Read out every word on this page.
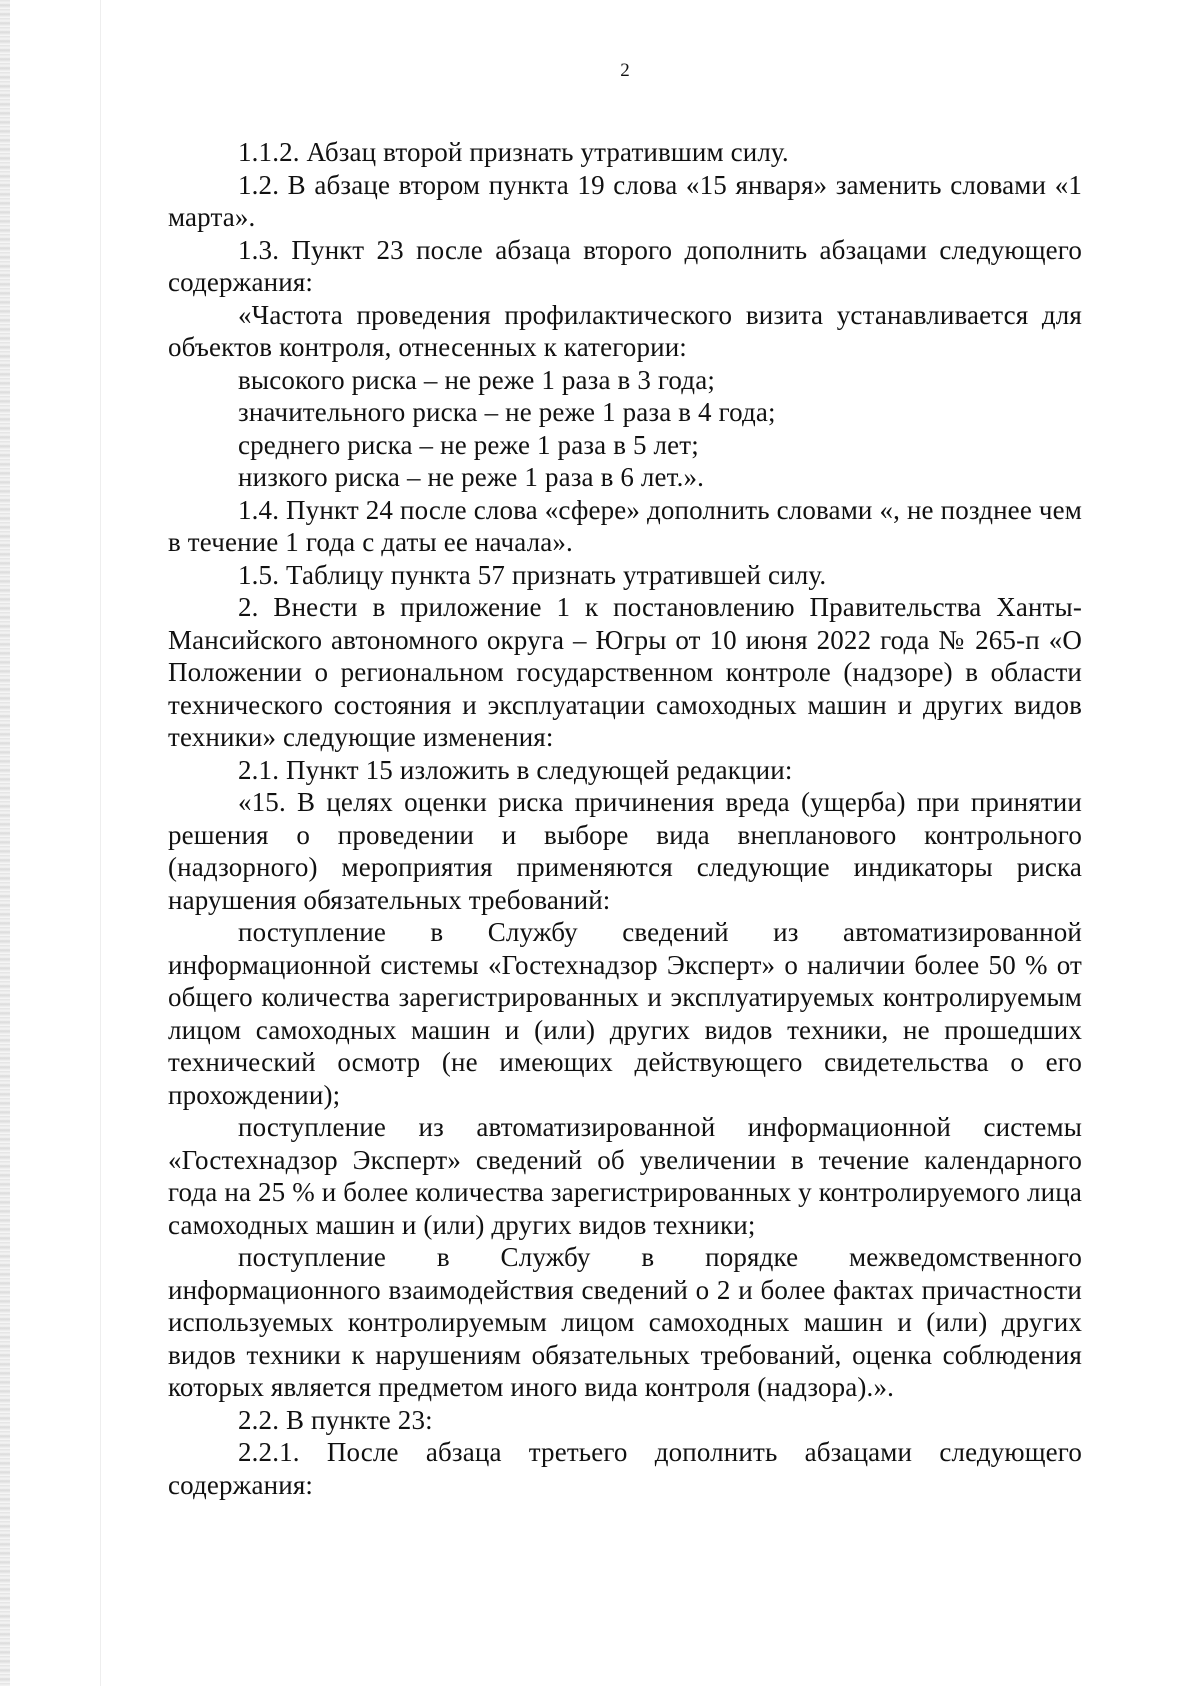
2

1.1.2. Абзац второй признать утратившим силу.

1.2. В абзаце втором пункта 19 слова «15 января» заменить словами «1 марта».

1.3. Пункт 23 после абзаца второго дополнить абзацами следующего содержания:

«Частота проведения профилактического визита устанавливается для объектов контроля, отнесенных к категории:

высокого риска – не реже 1 раза в 3 года;

значительного риска – не реже 1 раза в 4 года;

среднего риска – не реже 1 раза в 5 лет;

низкого риска – не реже 1 раза в 6 лет.».

1.4. Пункт 24 после слова «сфере» дополнить словами «, не позднее чем в течение 1 года с даты ее начала».

1.5. Таблицу пункта 57 признать утратившей силу.

2. Внести в приложение 1 к постановлению Правительства Ханты-Мансийского автономного округа – Югры от 10 июня 2022 года № 265-п «О Положении о региональном государственном контроле (надзоре) в области технического состояния и эксплуатации самоходных машин и других видов техники» следующие изменения:

2.1. Пункт 15 изложить в следующей редакции:

«15. В целях оценки риска причинения вреда (ущерба) при принятии решения о проведении и выборе вида внепланового контрольного (надзорного) мероприятия применяются следующие индикаторы риска нарушения обязательных требований:

поступление в Службу сведений из автоматизированной информационной системы «Гостехнадзор Эксперт» о наличии более 50 % от общего количества зарегистрированных и эксплуатируемых контролируемым лицом самоходных машин и (или) других видов техники, не прошедших технический осмотр (не имеющих действующего свидетельства о его прохождении);

поступление из автоматизированной информационной системы «Гостехнадзор Эксперт» сведений об увеличении в течение календарного года на 25 % и более количества зарегистрированных у контролируемого лица самоходных машин и (или) других видов техники;

поступление в Службу в порядке межведомственного информационного взаимодействия сведений о 2 и более фактах причастности используемых контролируемым лицом самоходных машин и (или) других видов техники к нарушениям обязательных требований, оценка соблюдения которых является предметом иного вида контроля (надзора).».

2.2. В пункте 23:

2.2.1. После абзаца третьего дополнить абзацами следующего содержания:
